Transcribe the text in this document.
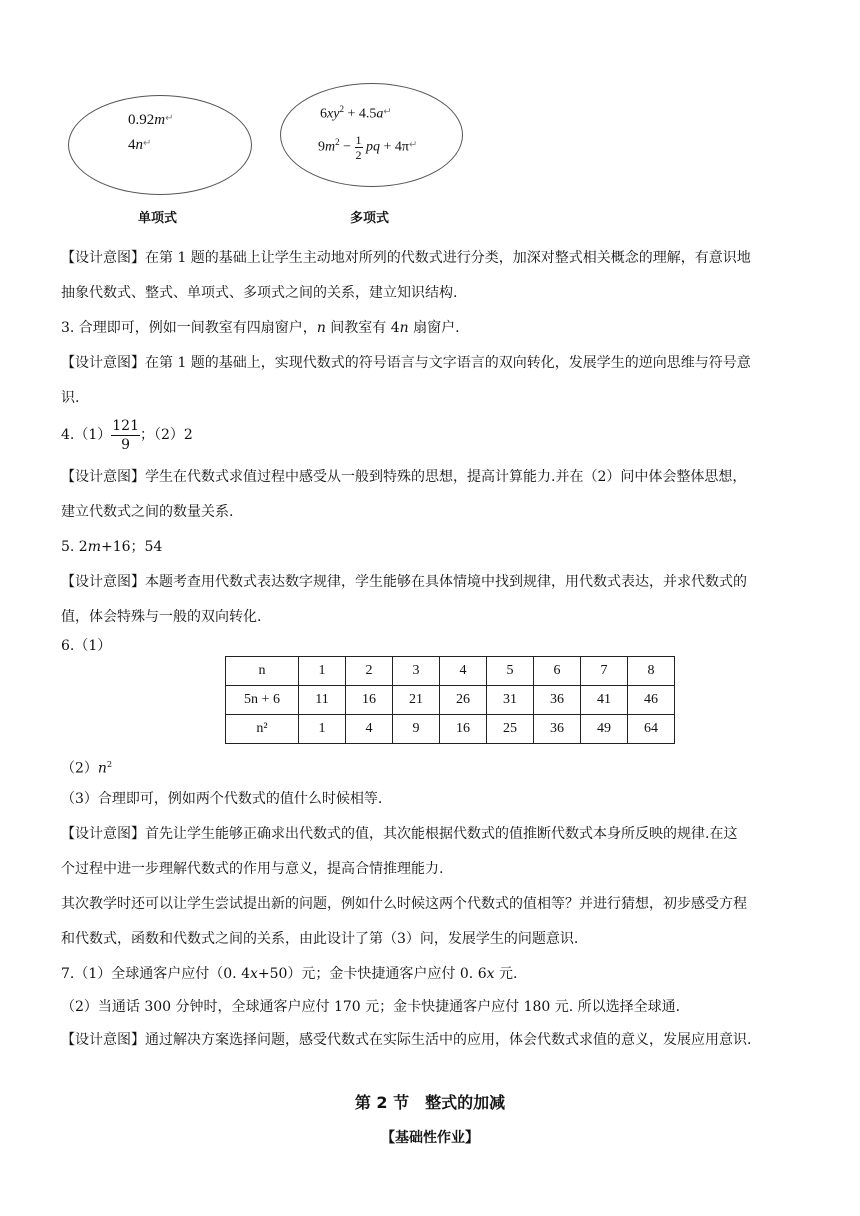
0.92m↵
4n↵
单项式
$6xy^2 + 4.5a^↵$
$9m^2 - \frac{1}{2}$ pq + 4π↵
多项式
【设计意图】在第 1 题的基础上让学生主动地对所列的代数式进行分类，加深对整式相关概念的理解，有意识地
抽象代数式、整式、单项式、多项式之间的关系，建立知识结构.
3. 合理即可，例如一间教室有四扇窗户，n 间教室有 4n 扇窗户.
【设计意图】在第 1 题的基础上，实现代数式的符号语言与文字语言的双向转化，发展学生的逆向思维与符号意
识.
$4.(1) \frac{121}{9}$ ；（2）2
【设计意图】学生在代数式求值过程中感受从一般到特殊的思想，提高计算能力.并在（2）问中体会整体思想，
建立代数式之间的数量关系.
5. 2m+16；54
【设计意图】本题考查用代数式表达数字规律，学生能够在具体情境中找到规律，用代数式表达，并求代数式的
值，体会特殊与一般的双向转化.
6.（1）
n	1	2	3	4	5	6	7	8
5n + 6	11	16	21	26	31	36	41	46
n²	1	4	9	16	25	36	49	64
$(2)n^2$
（3）合理即可，例如两个代数式的值什么时候相等.
【设计意图】首先让学生能够正确求出代数式的值，其次能根据代数式的值推断代数式本身所反映的规律.在这
个过程中进一步理解代数式的作用与意义，提高合情推理能力.
其次教学时还可以让学生尝试提出新的问题，例如什么时候这两个代数式的值相等？并进行猜想，初步感受方程
和代数式，函数和代数式之间的关系，由此设计了第（3）问，发展学生的问题意识.
7.（1）全球通客户应付（0. 4x+50）元；金卡快捷通客户应付 0. 6x 元.
（2）当通话 300 分钟时，全球通客户应付 170 元；金卡快捷通客户应付 180 元. 所以选择全球通.
【设计意图】通过解决方案选择问题，感受代数式在实际生活中的应用，体会代数式求值的意义，发展应用意识.
第 2 节　整式的加减
【基础性作业】
